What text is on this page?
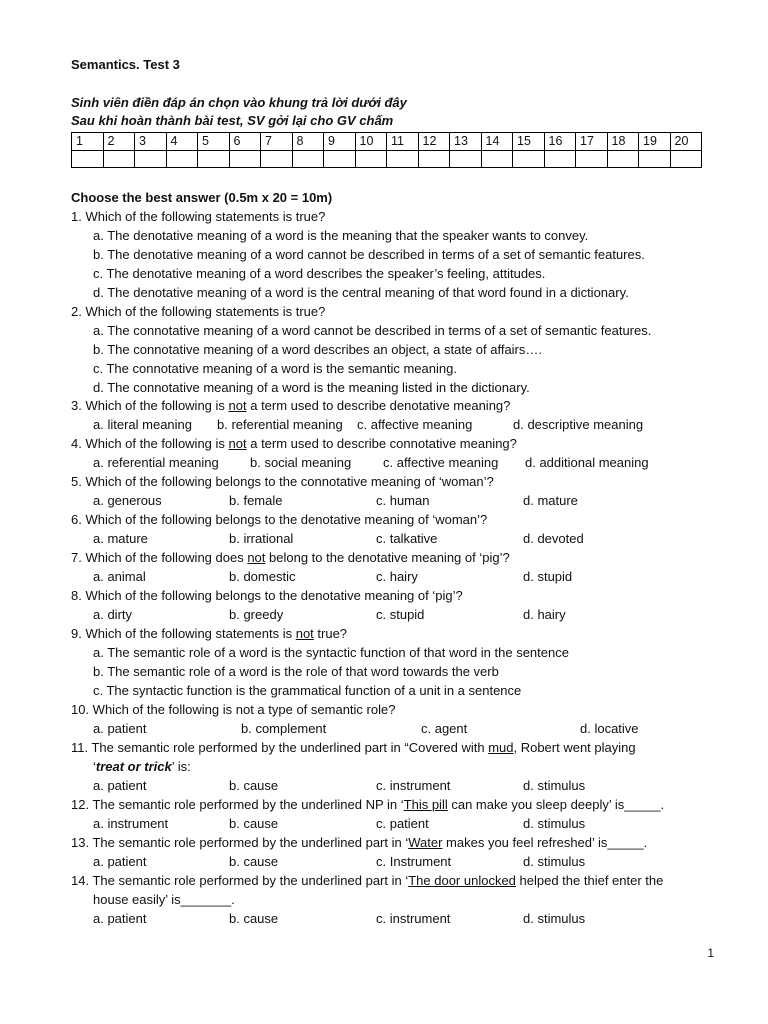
Semantics. Test 3
Sinh viên điền đáp án chọn vào khung trả lời dưới đây
Sau khi hoàn thành bài test, SV gởi lại cho GV chấm
1	2	3	4	5	6	7	8	9	10	11	12	13	14	15	16	17	18	19	20

Choose the best answer (0.5m x 20 = 10m)
1. Which of the following statements is true?
a. The denotative meaning of a word is the meaning that the speaker wants to convey.
b. The denotative meaning of a word cannot be described in terms of a set of semantic features.
c. The denotative meaning of a word describes the speaker’s feeling, attitudes.
d. The denotative meaning of a word is the central meaning of that word found in a dictionary.
2. Which of the following statements is true?
a. The connotative meaning of a word cannot be described in terms of a set of semantic features.
b. The connotative meaning of a word describes an object, a state of affairs….
c. The connotative meaning of a word is the semantic meaning.
d. The connotative meaning of a word is the meaning listed in the dictionary.
3. Which of the following is not a term used to describe denotative meaning?
a. literal meaning b. referential meaning c. affective meaning	d. descriptive meaning
4. Which of the following is not a term used to describe connotative meaning?
a. referential meaning b. social meaning c. affective meaning d. additional meaning
5. Which of the following belongs to the connotative meaning of ‘woman’?
a. generous	b. female	c. human	d. mature
6. Which of the following belongs to the denotative meaning of ‘woman’?
a. mature	b. irrational	c. talkative	d. devoted
7. Which of the following does not belong to the denotative meaning of ‘pig’?
a. animal	b. domestic	c. hairy	d. stupid
8. Which of the following belongs to the denotative meaning of ‘pig’?
a. dirty	b. greedy	c. stupid	d. hairy
9. Which of the following statements is not true?
a. The semantic role of a word is the syntactic function of that word in the sentence
b. The semantic role of a word is the role of that word towards the verb
c. The syntactic function is the grammatical function of a unit in a sentence
10. Which of the following is not a type of semantic role?
a. patient	b. complement	c. agent	d. locative
11. The semantic role performed by the underlined part in “Covered with mud, Robert went playing
‘treat or trick’ is:
a. patient	b. cause	c. instrument	d. stimulus
12. The semantic role performed by the underlined NP in ‘This pill can make you sleep deeply’ is_____.
a. instrument	b. cause	c. patient	d. stimulus
13. The semantic role performed by the underlined part in ‘Water makes you feel refreshed’ is_____.
a. patient	b. cause	c. Instrument	d. stimulus
14. The semantic role performed by the underlined part in ‘The door unlocked helped the thief enter the
house easily’ is_______.
a. patient	b. cause	c. instrument	d. stimulus
1
